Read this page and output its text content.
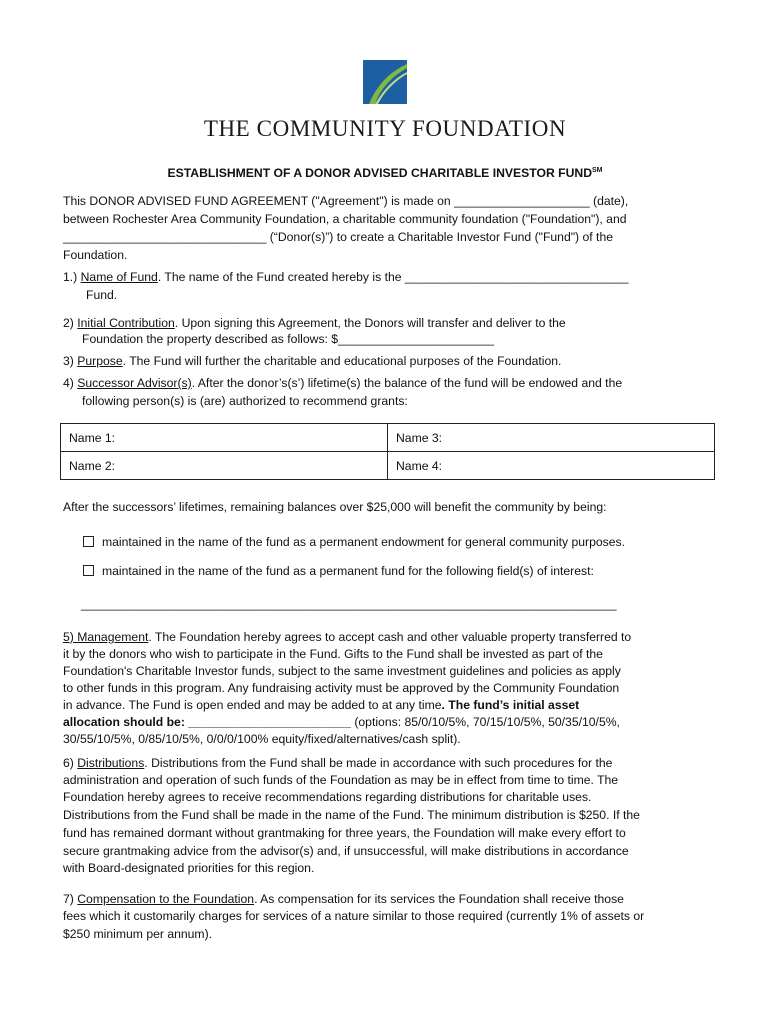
THE COMMUNITY FOUNDATION
ESTABLISHMENT OF A DONOR ADVISED CHARITABLE INVESTOR FUND℠
This DONOR ADVISED FUND AGREEMENT ("Agreement") is made on ____________________ (date),
between Rochester Area Community Foundation, a charitable community foundation ("Foundation"), and
______________________________ (“Donor(s)”) to create a Charitable Investor Fund ("Fund") of the
Foundation.
1.) Name of Fund. The name of the Fund created hereby is the _________________________________
Fund.
2) Initial Contribution. Upon signing this Agreement, the Donors will transfer and deliver to the
Foundation the property described as follows: $_______________________
3) Purpose. The Fund will further the charitable and educational purposes of the Foundation.
4) Successor Advisor(s). After the donor’s(s’) lifetime(s) the balance of the fund will be endowed and the
following person(s) is (are) authorized to recommend grants:
Name 1:	Name 3:
Name 2:	Name 4:
After the successors’ lifetimes, remaining balances over $25,000 will benefit the community by being:
maintained in the name of the fund as a permanent endowment for general community purposes.
maintained in the name of the fund as a permanent fund for the following field(s) of interest:
_______________________________________________________________________________
5) Management. The Foundation hereby agrees to accept cash and other valuable property transferred to
it by the donors who wish to participate in the Fund. Gifts to the Fund shall be invested as part of the
Foundation's Charitable Investor funds, subject to the same investment guidelines and policies as apply
to other funds in this program. Any fundraising activity must be approved by the Community Foundation
in advance. The Fund is open ended and may be added to at any time. The fund’s initial asset
allocation should be: ________________________ (options: 85/0/10/5%, 70/15/10/5%, 50/35/10/5%,
30/55/10/5%, 0/85/10/5%, 0/0/0/100% equity/fixed/alternatives/cash split).
6) Distributions. Distributions from the Fund shall be made in accordance with such procedures for the
administration and operation of such funds of the Foundation as may be in effect from time to time. The
Foundation hereby agrees to receive recommendations regarding distributions for charitable uses.
Distributions from the Fund shall be made in the name of the Fund. The minimum distribution is $250. If the
fund has remained dormant without grantmaking for three years, the Foundation will make every effort to
secure grantmaking advice from the advisor(s) and, if unsuccessful, will make distributions in accordance
with Board-designated priorities for this region.
7) Compensation to the Foundation. As compensation for its services the Foundation shall receive those
fees which it customarily charges for services of a nature similar to those required (currently 1% of assets or
$250 minimum per annum).
